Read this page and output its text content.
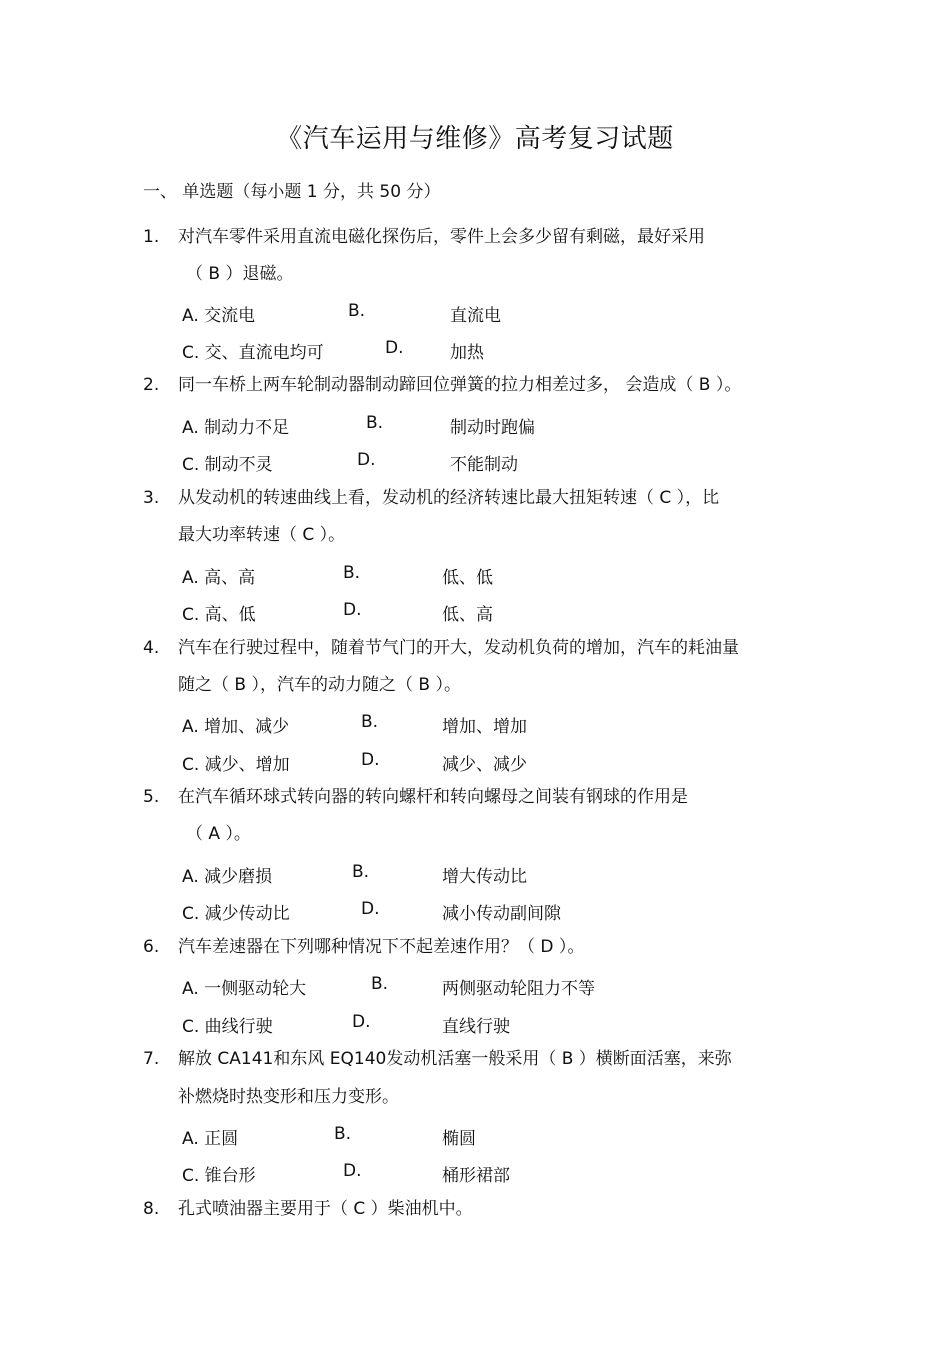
《汽车运用与维修》高考复习试题
一、 单选题（每小题 1 分，共 50 分）
1. 对汽车零件采用直流电磁化探伤后，零件上会多少留有剩磁，最好采用
（ B ）退磁。
A. 交流电	B.	直流电
C. 交、直流电均可	D.	加热
2. 同一车桥上两车轮制动器制动蹄回位弹簧的拉力相差过多， 会造成（ B ）。
A. 制动力不足	B.	制动时跑偏
C. 制动不灵	D.	不能制动
3. 从发动机的转速曲线上看，发动机的经济转速比最大扭矩转速（ C ），比
最大功率转速（ C ）。
A. 高、高	B.	低、低
C. 高、低	D.	低、高
4. 汽车在行驶过程中，随着节气门的开大，发动机负荷的增加，汽车的耗油量
随之（ B ），汽车的动力随之（ B ）。
A. 增加、减少	B.	增加、增加
C. 减少、增加	D.	减少、减少
5. 在汽车循环球式转向器的转向螺杆和转向螺母之间装有钢球的作用是
（ A ）。
A. 减少磨损	B.	增大传动比
C. 减少传动比	D.	减小传动副间隙
6. 汽车差速器在下列哪种情况下不起差速作用？（ D ）。
A. 一侧驱动轮大	B.	两侧驱动轮阻力不等
C. 曲线行驶	D.	直线行驶
7. 解放 CA141和东风 EQ140发动机活塞一般采用（ B ）横断面活塞，来弥
补燃烧时热变形和压力变形。
A. 正圆	B.	椭圆
C. 锥台形	D.	桶形裙部
8. 孔式喷油器主要用于（ C ）柴油机中。
